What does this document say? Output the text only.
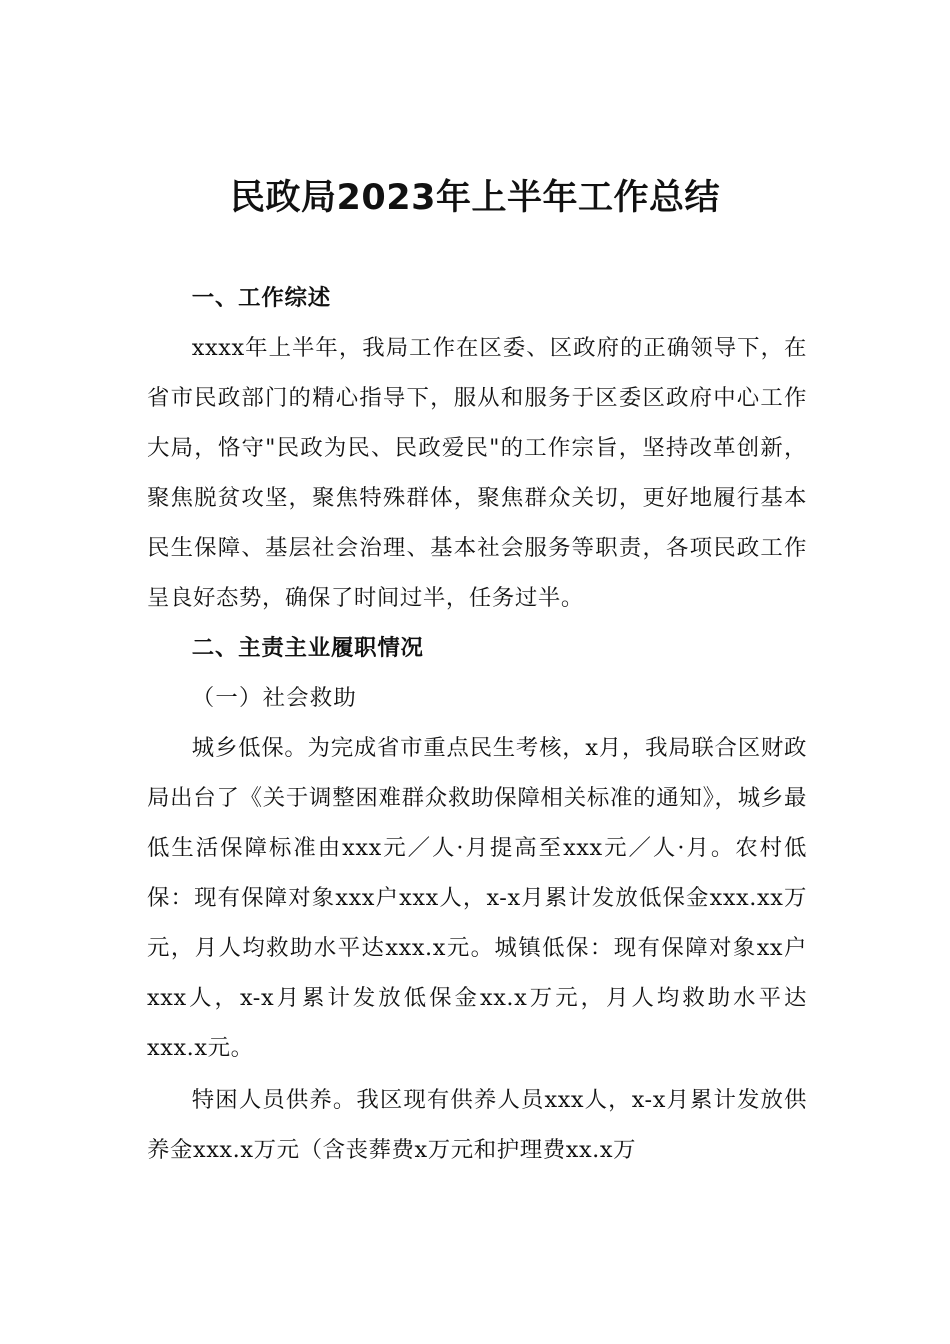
民政局2023年上半年工作总结

一、工作综述

xxxx年上半年，我局工作在区委、区政府的正确领导下，在省市民政部门的精心指导下，服从和服务于区委区政府中心工作大局，恪守"民政为民、民政爱民"的工作宗旨，坚持改革创新，聚焦脱贫攻坚，聚焦特殊群体，聚焦群众关切，更好地履行基本民生保障、基层社会治理、基本社会服务等职责，各项民政工作呈良好态势，确保了时间过半，任务过半。

二、主责主业履职情况

（一）社会救助

城乡低保。为完成省市重点民生考核，x月，我局联合区财政局出台了《关于调整困难群众救助保障相关标准的通知》，城乡最低生活保障标准由xxx元／人·月提高至xxx元／人·月。农村低保：现有保障对象xxx户xxx人，x-x月累计发放低保金xxx.xx万元，月人均救助水平达xxx.x元。城镇低保：现有保障对象xx户xxx人，x-x月累计发放低保金xx.x万元，月人均救助水平达xxx.x元。

特困人员供养。我区现有供养人员xxx人，x-x月累计发放供养金xxx.x万元（含丧葬费x万元和护理费xx.x万
